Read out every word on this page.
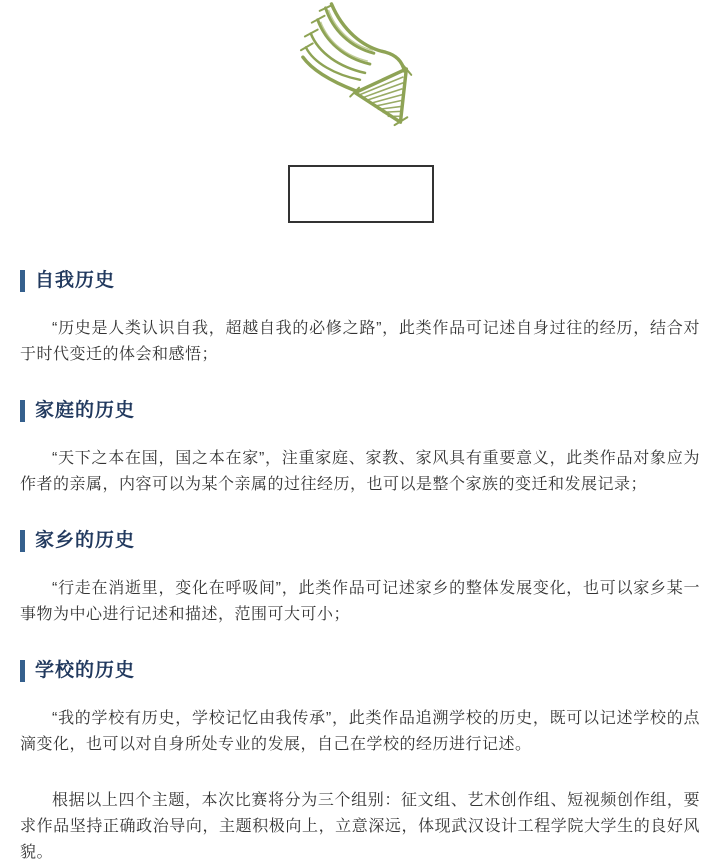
活动主题
自我历史

“历史是人类认识自我，超越自我的必修之路”，此类作品可记述自身过往的经历，结合对于时代变迁的体会和感悟；

家庭的历史

“天下之本在国，国之本在家”，注重家庭、家教、家风具有重要意义，此类作品对象应为作者的亲属，内容可以为某个亲属的过往经历，也可以是整个家族的变迁和发展记录；

家乡的历史

“行走在消逝里，变化在呼吸间”，此类作品可记述家乡的整体发展变化，也可以家乡某一事物为中心进行记述和描述，范围可大可小；

学校的历史

“我的学校有历史，学校记忆由我传承”，此类作品追溯学校的历史，既可以记述学校的点滴变化，也可以对自身所处专业的发展，自己在学校的经历进行记述。

根据以上四个主题，本次比赛将分为三个组别：征文组、艺术创作组、短视频创作组，要求作品坚持正确政治导向，主题积极向上，立意深远，体现武汉设计工程学院大学生的良好风貌。
